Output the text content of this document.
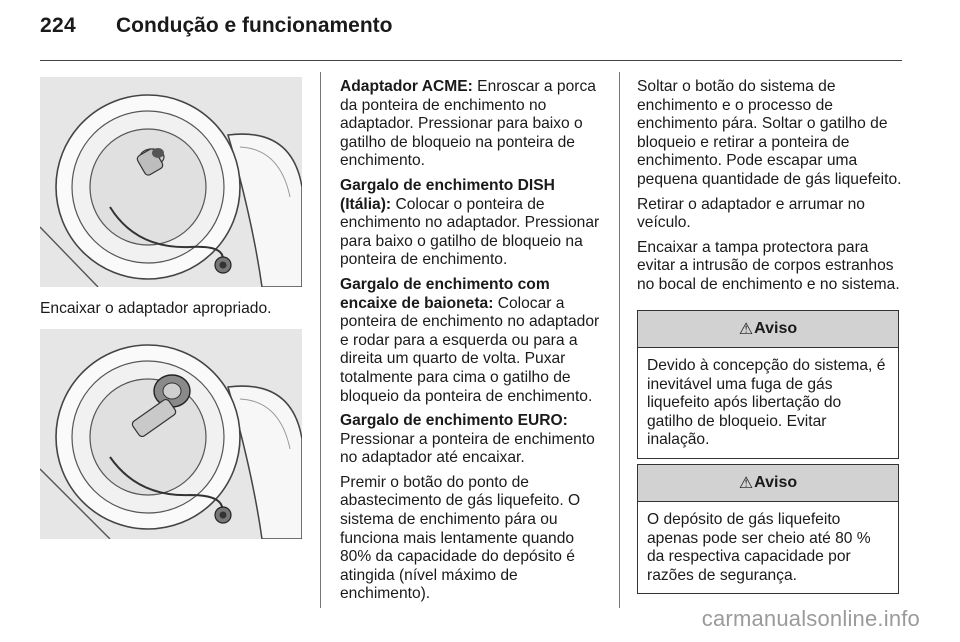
224 Condução e funcionamento
Encaixar o adaptador apropriado.

Adaptador ACME: Enroscar a porca da ponteira de enchimento no adaptador. Pressionar para baixo o gatilho de bloqueio na ponteira de enchimento.

Gargalo de enchimento DISH (Itália): Colocar o ponteira de enchimento no adaptador. Pressionar para baixo o gatilho de bloqueio na ponteira de enchimento.

Gargalo de enchimento com encaixe de baioneta: Colocar a ponteira de enchimento no adaptador e rodar para a esquerda ou para a direita um quarto de volta. Puxar totalmente para cima o gatilho de bloqueio da ponteira de enchimento.

Gargalo de enchimento EURO: Pressionar a ponteira de enchimento no adaptador até encaixar.

Premir o botão do ponto de abastecimento de gás liquefeito. O sistema de enchimento pára ou funciona mais lentamente quando 80% da capacidade do depósito é atingida (nível máximo de enchimento).

Soltar o botão do sistema de enchimento e o processo de enchimento pára. Soltar o gatilho de bloqueio e retirar a ponteira de enchimento. Pode escapar uma pequena quantidade de gás liquefeito.

Retirar o adaptador e arrumar no veículo.

Encaixar a tampa protectora para evitar a intrusão de corpos estranhos no bocal de enchimento e no sistema.

⚠ Aviso
Devido à concepção do sistema, é inevitável uma fuga de gás liquefeito após libertação do gatilho de bloqueio. Evitar inalação.
⚠ Aviso
O depósito de gás liquefeito apenas pode ser cheio até 80 % da respectiva capacidade por razões de segurança.
carmanualsonline.info
